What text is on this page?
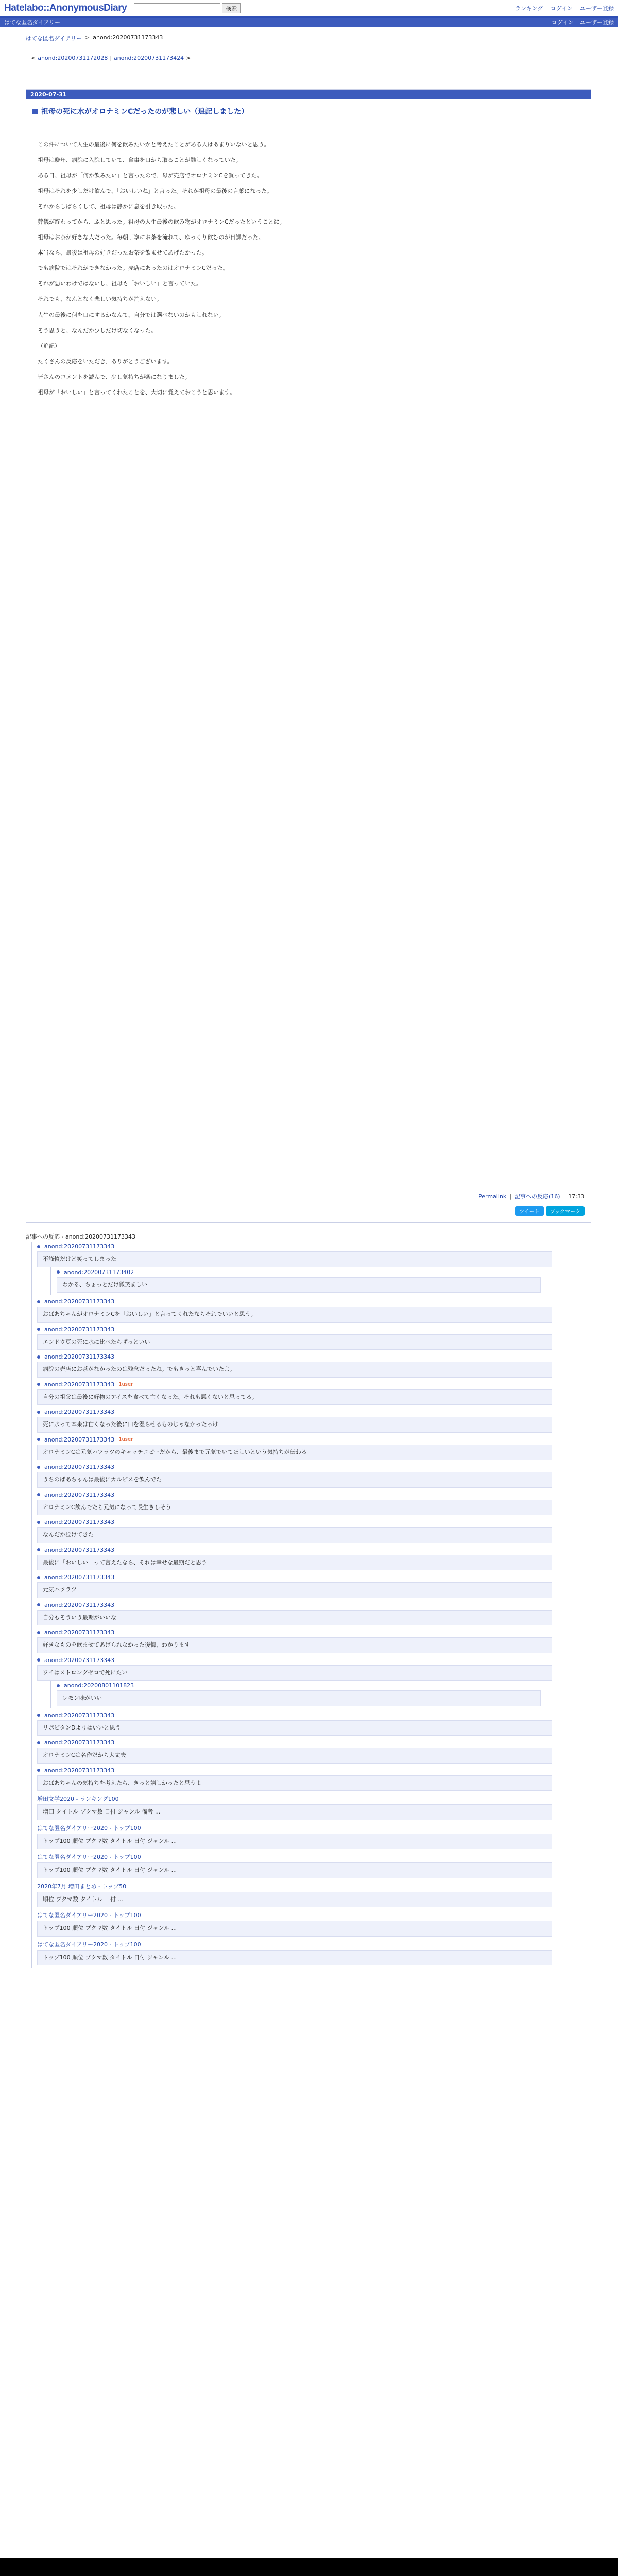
Hatelabo::AnonymousDiary	検索	ランキング ログイン ユーザー登録
はてな匿名ダイアリー	ログイン ユーザー登録
はてな匿名ダイアリー > anond:20200731173343
< anond:20200731172028 | anond:20200731173424 >
2020-07-31
祖母の死に水がオロナミンCだったのが悲しい（追記しました）

この件について人生の最後に何を飲みたいかと考えたことがある人はあまりいないと思う。

祖母は晩年、病院に入院していて、食事を口から取ることが難しくなっていた。

ある日、祖母が「何か飲みたい」と言ったので、母が売店でオロナミンCを買ってきた。

祖母はそれを少しだけ飲んで、「おいしいね」と言った。それが祖母の最後の言葉になった。

それからしばらくして、祖母は静かに息を引き取った。

葬儀が終わってから、ふと思った。祖母の人生最後の飲み物がオロナミンCだったということに。

祖母はお茶が好きな人だった。毎朝丁寧にお茶を淹れて、ゆっくり飲むのが日課だった。

本当なら、最後は祖母の好きだったお茶を飲ませてあげたかった。

でも病院ではそれができなかった。売店にあったのはオロナミンCだった。

それが悪いわけではないし、祖母も「おいしい」と言っていた。

それでも、なんとなく悲しい気持ちが消えない。

人生の最後に何を口にするかなんて、自分では選べないのかもしれない。

そう思うと、なんだか少しだけ切なくなった。

（追記）

たくさんの反応をいただき、ありがとうございます。

皆さんのコメントを読んで、少し気持ちが楽になりました。

祖母が「おいしい」と言ってくれたことを、大切に覚えておこうと思います。

Permalink | 記事への反応(16) | 17:33
ツイート	ブックマーク
記事への反応 - anond:20200731173343
anond:20200731173343
不謹慎だけど笑ってしまった
anond:20200731173402
わかる、ちょっとだけ微笑ましい
anond:20200731173343
おばあちゃんがオロナミンCを「おいしい」と言ってくれたならそれでいいと思う。
anond:20200731173343
エンドウ豆の死に水に比べたらずっといい
anond:20200731173343
病院の売店にお茶がなかったのは残念だったね。でもきっと喜んでいたよ。
anond:20200731173343 1user
自分の祖父は最後に好物のアイスを食べて亡くなった。それも悪くないと思ってる。
anond:20200731173343
死に水って本来は亡くなった後に口を湿らせるものじゃなかったっけ
anond:20200731173343 1user
オロナミンCは元気ハツラツのキャッチコピーだから、最後まで元気でいてほしいという気持ちが伝わる
anond:20200731173343
うちのばあちゃんは最後にカルピスを飲んでた
anond:20200731173343
オロナミンC飲んでたら元気になって長生きしそう
anond:20200731173343
なんだか泣けてきた
anond:20200731173343
最後に「おいしい」って言えたなら、それは幸せな最期だと思う
anond:20200731173343
元気ハツラツ
anond:20200731173343
自分もそういう最期がいいな
anond:20200731173343
好きなものを飲ませてあげられなかった後悔、わかります
anond:20200731173343
ワイはストロングゼロで死にたい
anond:20200801101823
レモン味がいい
anond:20200731173343
リポビタンDよりはいいと思う
anond:20200731173343
オロナミンCは名作だから大丈夫
anond:20200731173343
おばあちゃんの気持ちを考えたら、きっと嬉しかったと思うよ
増田文学2020 - ランキング100
増田 タイトル ブクマ数 日付 ジャンル 備考 ...
はてな匿名ダイアリー2020 - トップ100
トップ100 順位 ブクマ数 タイトル 日付 ジャンル ...
はてな匿名ダイアリー2020 - トップ100
トップ100 順位 ブクマ数 タイトル 日付 ジャンル ...
2020年7月 増田まとめ - トップ50
順位 ブクマ数 タイトル 日付 ...
はてな匿名ダイアリー2020 - トップ100
トップ100 順位 ブクマ数 タイトル 日付 ジャンル ...
はてな匿名ダイアリー2020 - トップ100
トップ100 順位 ブクマ数 タイトル 日付 ジャンル ...
